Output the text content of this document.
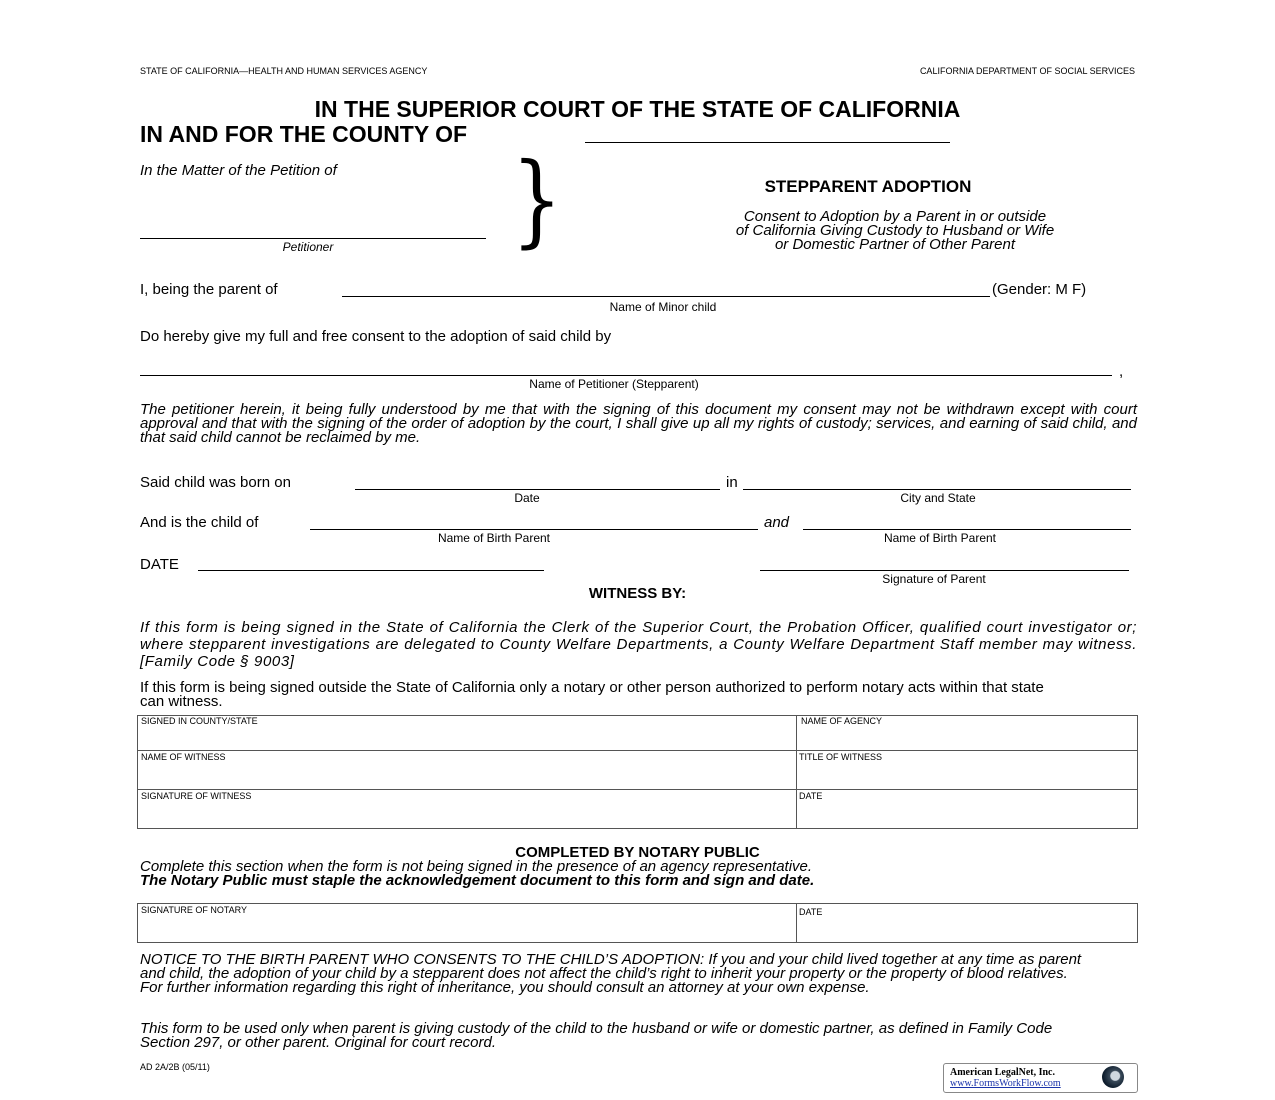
STATE OF CALIFORNIA—HEALTH AND HUMAN SERVICES AGENCY	CALIFORNIA DEPARTMENT OF SOCIAL SERVICES
IN THE SUPERIOR COURT OF THE STATE OF CALIFORNIA
IN AND FOR THE COUNTY OF
In the Matter of the Petition of
Petitioner }	STEPPARENT ADOPTION
Consent to Adoption by a Parent in or outside
of California Giving Custody to Husband or Wife
or Domestic Partner of Other Parent
I, being the parent of	(Gender: M F)
Name of Minor child
Do hereby give my full and free consent to the adoption of said child by
,
Name of Petitioner (Stepparent)
The petitioner herein, it being fully understood by me that with the signing of this document my consent may not be withdrawn except with court approval and that with the signing of the order of adoption by the court, I shall give up all my rights of custody; services, and earning of said child, and that said child cannot be reclaimed by me.
Said child was born on	in
Date	City and State
And is the child of	and
Name of Birth Parent	Name of Birth Parent
DATE
Signature of Parent
WITNESS BY:
If this form is being signed in the State of California the Clerk of the Superior Court, the Probation Officer, qualified court investigator or; where stepparent investigations are delegated to County Welfare Departments, a County Welfare Department Staff member may witness. [Family Code § 9003]
If this form is being signed outside the State of California only a notary or other person authorized to perform notary acts within that state can witness.
SIGNED IN COUNTY/STATE	NAME OF AGENCY
NAME OF WITNESS	TITLE OF WITNESS
SIGNATURE OF WITNESS	DATE
COMPLETED BY NOTARY PUBLIC
Complete this section when the form is not being signed in the presence of an agency representative.
The Notary Public must staple the acknowledgement document to this form and sign and date.
SIGNATURE OF NOTARY	DATE
NOTICE TO THE BIRTH PARENT WHO CONSENTS TO THE CHILD’S ADOPTION: If you and your child lived together at any time as parent and child, the adoption of your child by a stepparent does not affect the child’s right to inherit your property or the property of blood relatives. For further information regarding this right of inheritance, you should consult an attorney at your own expense.
This form to be used only when parent is giving custody of the child to the husband or wife or domestic partner, as defined in Family Code Section 297, or other parent. Original for court record.
AD 2A/2B (05/11)	American LegalNet, Inc.
www.FormsWorkFlow.com
